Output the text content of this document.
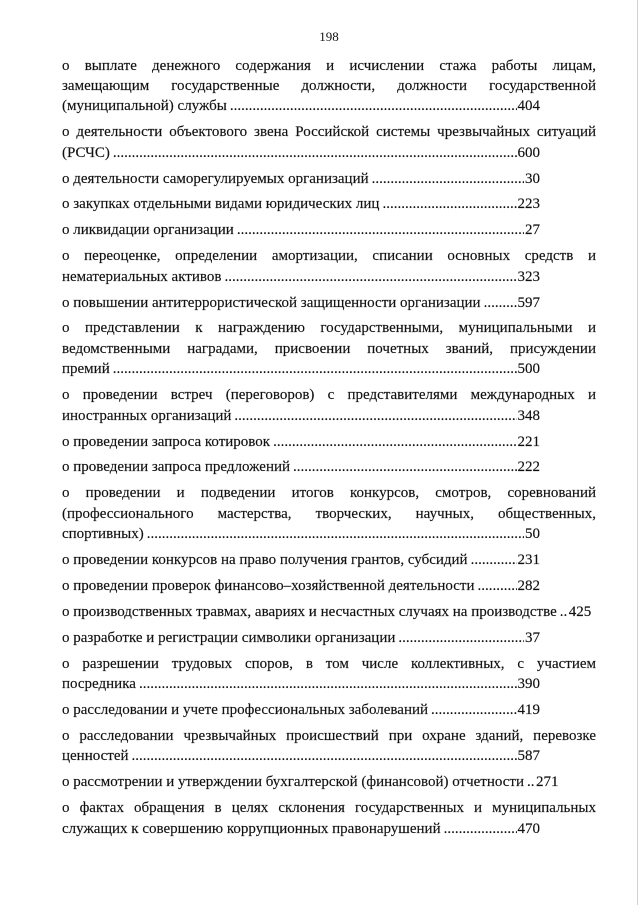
198
о выплате денежного содержания и исчислении стажа работы лицам,
замещающим государственные должности, должности государственной
(муниципальной) службы .....	404
о деятельности объектового звена Российской системы чрезвычайных ситуаций
(РСЧС) .....	600
о деятельности саморегулируемых организаций .....	30
о закупках отдельными видами юридических лиц .....	223
о ликвидации организации .....	27
о переоценке, определении амортизации, списании основных средств и
нематериальных активов .....	323
о повышении антитеррористической защищенности организации ..... 597
о представлении к награждению государственными, муниципальными и
ведомственными наградами, присвоении почетных званий, присуждении
премий .....	500
о проведении встреч (переговоров) с представителями международных и
иностранных организаций .....	348
о проведении запроса котировок .....	221
о проведении запроса предложений .....	222
о проведении и подведении итогов конкурсов, смотров, соревнований
(профессионального мастерства, творческих, научных, общественных,
спортивных) .....	50
о проведении конкурсов на право получения грантов, субсидий .....	231
о проведении проверок финансово–хозяйственной деятельности .....	282
о производственных травмах, авариях и несчастных случаях на производстве ..... 425
о разработке и регистрации символики организации .....	37
о разрешении трудовых споров, в том числе коллективных, с участием
посредника .....	390
о расследовании и учете профессиональных заболеваний .....	419
о расследовании чрезвычайных происшествий при охране зданий, перевозке
ценностей .....	587
о рассмотрении и утверждении бухгалтерской (финансовой) отчетности ..... 271
о фактах обращения в целях склонения государственных и муниципальных
служащих к совершению коррупционных правонарушений .....	470
